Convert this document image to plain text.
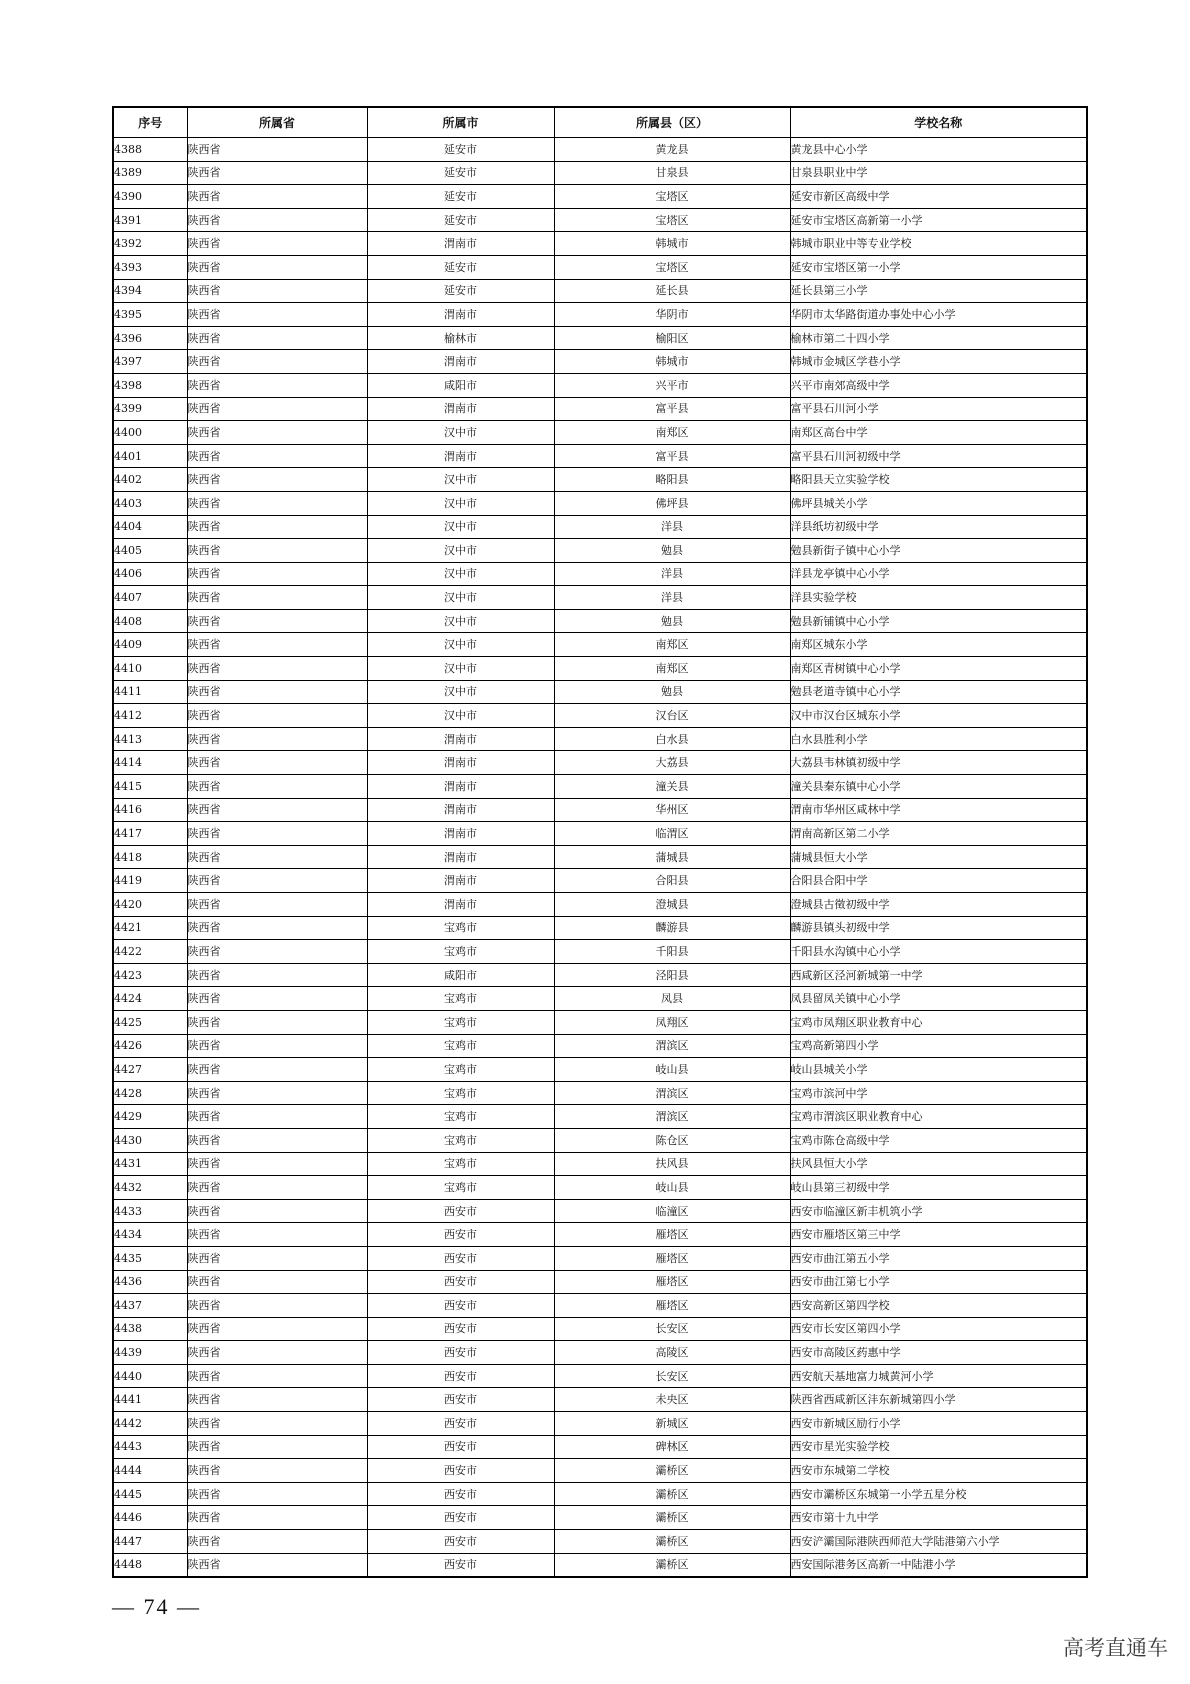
序号	所属省	所属市	所属县（区）	学校名称
4388	陕西省	延安市	黄龙县	黄龙县中心小学
4389	陕西省	延安市	甘泉县	甘泉县职业中学
4390	陕西省	延安市	宝塔区	延安市新区高级中学
4391	陕西省	延安市	宝塔区	延安市宝塔区高新第一小学
4392	陕西省	渭南市	韩城市	韩城市职业中等专业学校
4393	陕西省	延安市	宝塔区	延安市宝塔区第一小学
4394	陕西省	延安市	延长县	延长县第三小学
4395	陕西省	渭南市	华阴市	华阴市太华路街道办事处中心小学
4396	陕西省	榆林市	榆阳区	榆林市第二十四小学
4397	陕西省	渭南市	韩城市	韩城市金城区学巷小学
4398	陕西省	咸阳市	兴平市	兴平市南郊高级中学
4399	陕西省	渭南市	富平县	富平县石川河小学
4400	陕西省	汉中市	南郑区	南郑区高台中学
4401	陕西省	渭南市	富平县	富平县石川河初级中学
4402	陕西省	汉中市	略阳县	略阳县天立实验学校
4403	陕西省	汉中市	佛坪县	佛坪县城关小学
4404	陕西省	汉中市	洋县	洋县纸坊初级中学
4405	陕西省	汉中市	勉县	勉县新街子镇中心小学
4406	陕西省	汉中市	洋县	洋县龙亭镇中心小学
4407	陕西省	汉中市	洋县	洋县实验学校
4408	陕西省	汉中市	勉县	勉县新铺镇中心小学
4409	陕西省	汉中市	南郑区	南郑区城东小学
4410	陕西省	汉中市	南郑区	南郑区青树镇中心小学
4411	陕西省	汉中市	勉县	勉县老道寺镇中心小学
4412	陕西省	汉中市	汉台区	汉中市汉台区城东小学
4413	陕西省	渭南市	白水县	白水县胜利小学
4414	陕西省	渭南市	大荔县	大荔县韦林镇初级中学
4415	陕西省	渭南市	潼关县	潼关县秦东镇中心小学
4416	陕西省	渭南市	华州区	渭南市华州区咸林中学
4417	陕西省	渭南市	临渭区	渭南高新区第二小学
4418	陕西省	渭南市	蒲城县	蒲城县恒大小学
4419	陕西省	渭南市	合阳县	合阳县合阳中学
4420	陕西省	渭南市	澄城县	澄城县古徵初级中学
4421	陕西省	宝鸡市	麟游县	麟游县镇头初级中学
4422	陕西省	宝鸡市	千阳县	千阳县水沟镇中心小学
4423	陕西省	咸阳市	泾阳县	西咸新区泾河新城第一中学
4424	陕西省	宝鸡市	凤县	凤县留凤关镇中心小学
4425	陕西省	宝鸡市	凤翔区	宝鸡市凤翔区职业教育中心
4426	陕西省	宝鸡市	渭滨区	宝鸡高新第四小学
4427	陕西省	宝鸡市	岐山县	岐山县城关小学
4428	陕西省	宝鸡市	渭滨区	宝鸡市滨河中学
4429	陕西省	宝鸡市	渭滨区	宝鸡市渭滨区职业教育中心
4430	陕西省	宝鸡市	陈仓区	宝鸡市陈仓高级中学
4431	陕西省	宝鸡市	扶风县	扶风县恒大小学
4432	陕西省	宝鸡市	岐山县	岐山县第三初级中学
4433	陕西省	西安市	临潼区	西安市临潼区新丰机筑小学
4434	陕西省	西安市	雁塔区	西安市雁塔区第三中学
4435	陕西省	西安市	雁塔区	西安市曲江第五小学
4436	陕西省	西安市	雁塔区	西安市曲江第七小学
4437	陕西省	西安市	雁塔区	西安高新区第四学校
4438	陕西省	西安市	长安区	西安市长安区第四小学
4439	陕西省	西安市	高陵区	西安市高陵区药惠中学
4440	陕西省	西安市	长安区	西安航天基地富力城黄河小学
4441	陕西省	西安市	未央区	陕西省西咸新区沣东新城第四小学
4442	陕西省	西安市	新城区	西安市新城区励行小学
4443	陕西省	西安市	碑林区	西安市星光实验学校
4444	陕西省	西安市	灞桥区	西安市东城第二学校
4445	陕西省	西安市	灞桥区	西安市灞桥区东城第一小学五星分校
4446	陕西省	西安市	灞桥区	西安市第十九中学
4447	陕西省	西安市	灞桥区	西安浐灞国际港陕西师范大学陆港第六小学
4448	陕西省	西安市	灞桥区	西安国际港务区高新一中陆港小学
— 74 —
高考直通车
